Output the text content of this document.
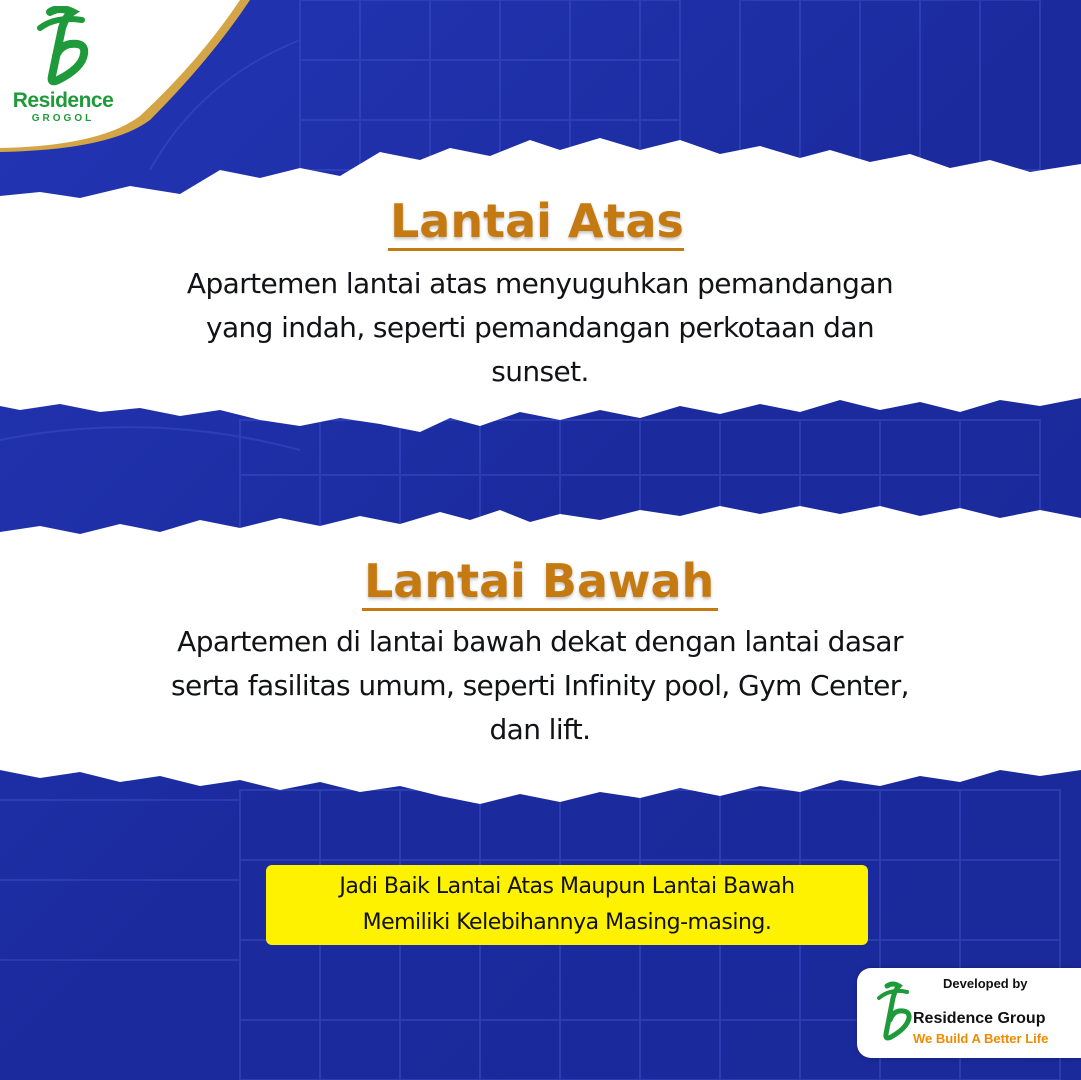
Residence
GROGOL
Lantai Atas

Apartemen lantai atas menyuguhkan pemandangan
yang indah, seperti pemandangan perkotaan dan
sunset.

Lantai Bawah

Apartemen di lantai bawah dekat dengan lantai dasar
serta fasilitas umum, seperti Infinity pool, Gym Center,
dan lift.

Jadi Baik Lantai Atas Maupun Lantai Bawah
Memiliki Kelebihannya Masing-masing.
Developed by
Residence Group
We Build A Better Life
